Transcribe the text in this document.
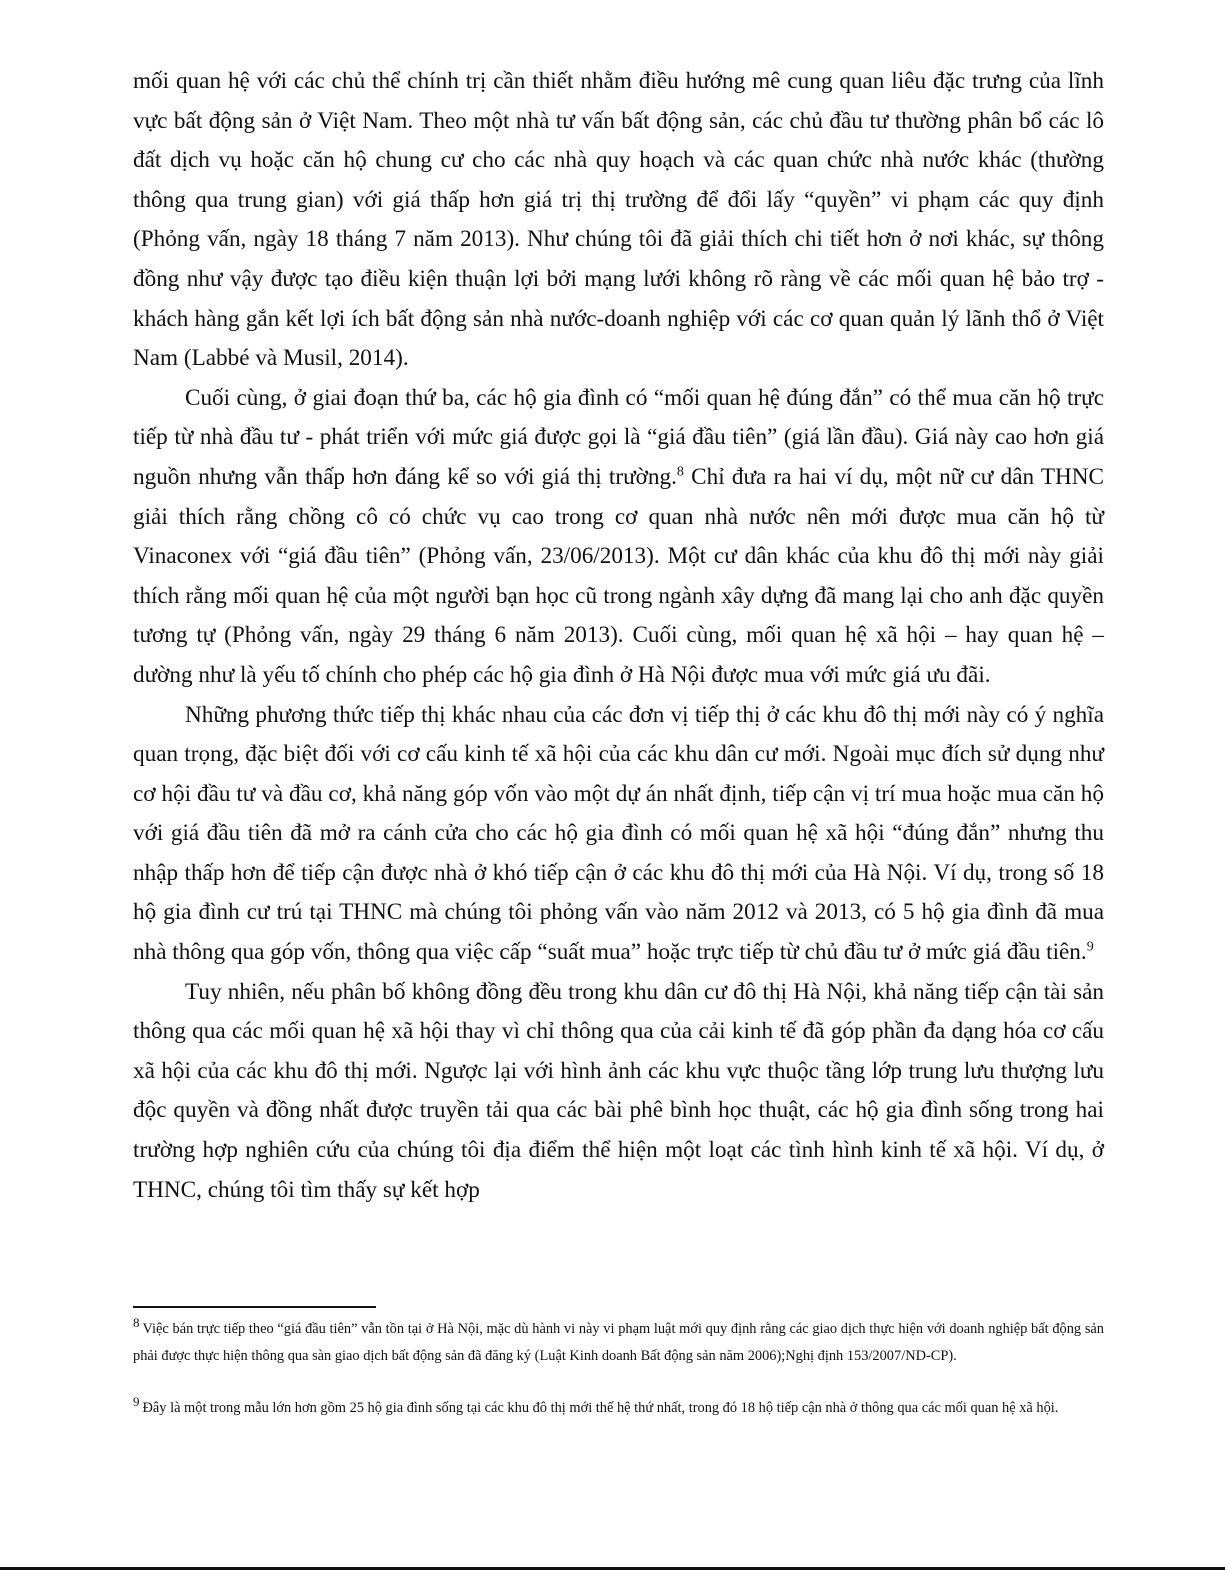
mối quan hệ với các chủ thể chính trị cần thiết nhằm điều hướng mê cung quan liêu đặc trưng của lĩnh vực bất động sản ở Việt Nam. Theo một nhà tư vấn bất động sản, các chủ đầu tư thường phân bổ các lô đất dịch vụ hoặc căn hộ chung cư cho các nhà quy hoạch và các quan chức nhà nước khác (thường thông qua trung gian) với giá thấp hơn giá trị thị trường để đổi lấy “quyền” vi phạm các quy định (Phỏng vấn, ngày 18 tháng 7 năm 2013). Như chúng tôi đã giải thích chi tiết hơn ở nơi khác, sự thông đồng như vậy được tạo điều kiện thuận lợi bởi mạng lưới không rõ ràng về các mối quan hệ bảo trợ - khách hàng gắn kết lợi ích bất động sản nhà nước-doanh nghiệp với các cơ quan quản lý lãnh thổ ở Việt Nam (Labbé và Musil, 2014).

Cuối cùng, ở giai đoạn thứ ba, các hộ gia đình có “mối quan hệ đúng đắn” có thể mua căn hộ trực tiếp từ nhà đầu tư - phát triển với mức giá được gọi là “giá đầu tiên” (giá lần đầu). Giá này cao hơn giá nguồn nhưng vẫn thấp hơn đáng kể so với giá thị trường.$^8$ Chỉ đưa ra hai ví dụ, một nữ cư dân THNC giải thích rằng chồng cô có chức vụ cao trong cơ quan nhà nước nên mới được mua căn hộ từ Vinaconex với “giá đầu tiên” (Phỏng vấn, 23/06/2013). Một cư dân khác của khu đô thị mới này giải thích rằng mối quan hệ của một người bạn học cũ trong ngành xây dựng đã mang lại cho anh đặc quyền tương tự (Phỏng vấn, ngày 29 tháng 6 năm 2013). Cuối cùng, mối quan hệ xã hội – hay quan hệ – dường như là yếu tố chính cho phép các hộ gia đình ở Hà Nội được mua với mức giá ưu đãi.

Những phương thức tiếp thị khác nhau của các đơn vị tiếp thị ở các khu đô thị mới này có ý nghĩa quan trọng, đặc biệt đối với cơ cấu kinh tế xã hội của các khu dân cư mới. Ngoài mục đích sử dụng như cơ hội đầu tư và đầu cơ, khả năng góp vốn vào một dự án nhất định, tiếp cận vị trí mua hoặc mua căn hộ với giá đầu tiên đã mở ra cánh cửa cho các hộ gia đình có mối quan hệ xã hội “đúng đắn” nhưng thu nhập thấp hơn để tiếp cận được nhà ở khó tiếp cận ở các khu đô thị mới của Hà Nội. Ví dụ, trong số 18 hộ gia đình cư trú tại THNC mà chúng tôi phỏng vấn vào năm 2012 và 2013, có 5 hộ gia đình đã mua nhà thông qua góp vốn, thông qua việc cấp “suất mua” hoặc trực tiếp từ chủ đầu tư ở mức giá đầu tiên.$^9$

Tuy nhiên, nếu phân bố không đồng đều trong khu dân cư đô thị Hà Nội, khả năng tiếp cận tài sản thông qua các mối quan hệ xã hội thay vì chỉ thông qua của cải kinh tế đã góp phần đa dạng hóa cơ cấu xã hội của các khu đô thị mới. Ngược lại với hình ảnh các khu vực thuộc tầng lớp trung lưu thượng lưu độc quyền và đồng nhất được truyền tải qua các bài phê bình học thuật, các hộ gia đình sống trong hai trường hợp nghiên cứu của chúng tôi địa điểm thể hiện một loạt các tình hình kinh tế xã hội. Ví dụ, ở THNC, chúng tôi tìm thấy sự kết hợp

$^8$ Việc bán trực tiếp theo “giá đầu tiên” vẫn tồn tại ở Hà Nội, mặc dù hành vi này vi phạm luật mới quy định rằng các giao dịch thực hiện với doanh nghiệp bất động sản phải được thực hiện thông qua sàn giao dịch bất động sản đã đăng ký (Luật Kinh doanh Bất động sản năm 2006);Nghị định 153/2007/ND-CP).

$^9$ Đây là một trong mẫu lớn hơn gồm 25 hộ gia đình sống tại các khu đô thị mới thế hệ thứ nhất, trong đó 18 hộ tiếp cận nhà ở thông qua các mối quan hệ xã hội.
